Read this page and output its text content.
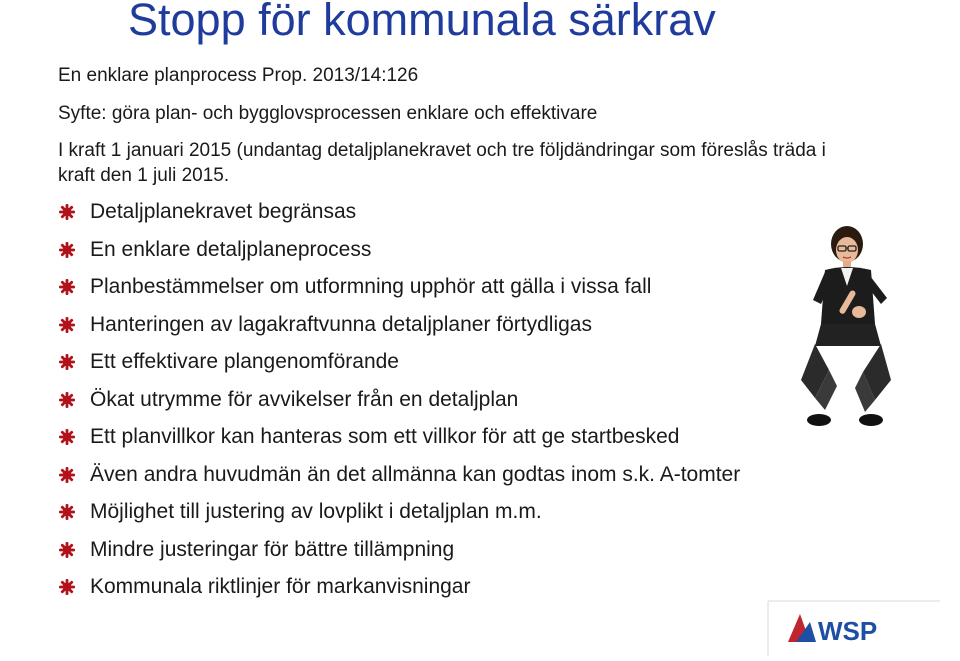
Stopp för kommunala särkrav
En enklare planprocess Prop. 2013/14:126
Syfte: göra plan- och bygglovsprocessen enklare och effektivare
I kraft 1 januari 2015 (undantag detaljplanekravet och tre följdändringar som föreslås träda i
kraft den 1 juli 2015.
Detaljplanekravet begränsas
En enklare detaljplaneprocess
Planbestämmelser om utformning upphör att gälla i vissa fall
Hanteringen av lagakraftvunna detaljplaner förtydligas
Ett effektivare plangenomförande
Ökat utrymme för avvikelser från en detaljplan
Ett planvillkor kan hanteras som ett villkor för att ge startbesked
Även andra huvudmän än det allmänna kan godtas inom s.k. A-tomter
Möjlighet till justering av lovplikt i detaljplan m.m.
Mindre justeringar för bättre tillämpning
Kommunala riktlinjer för markanvisningar
WSP
